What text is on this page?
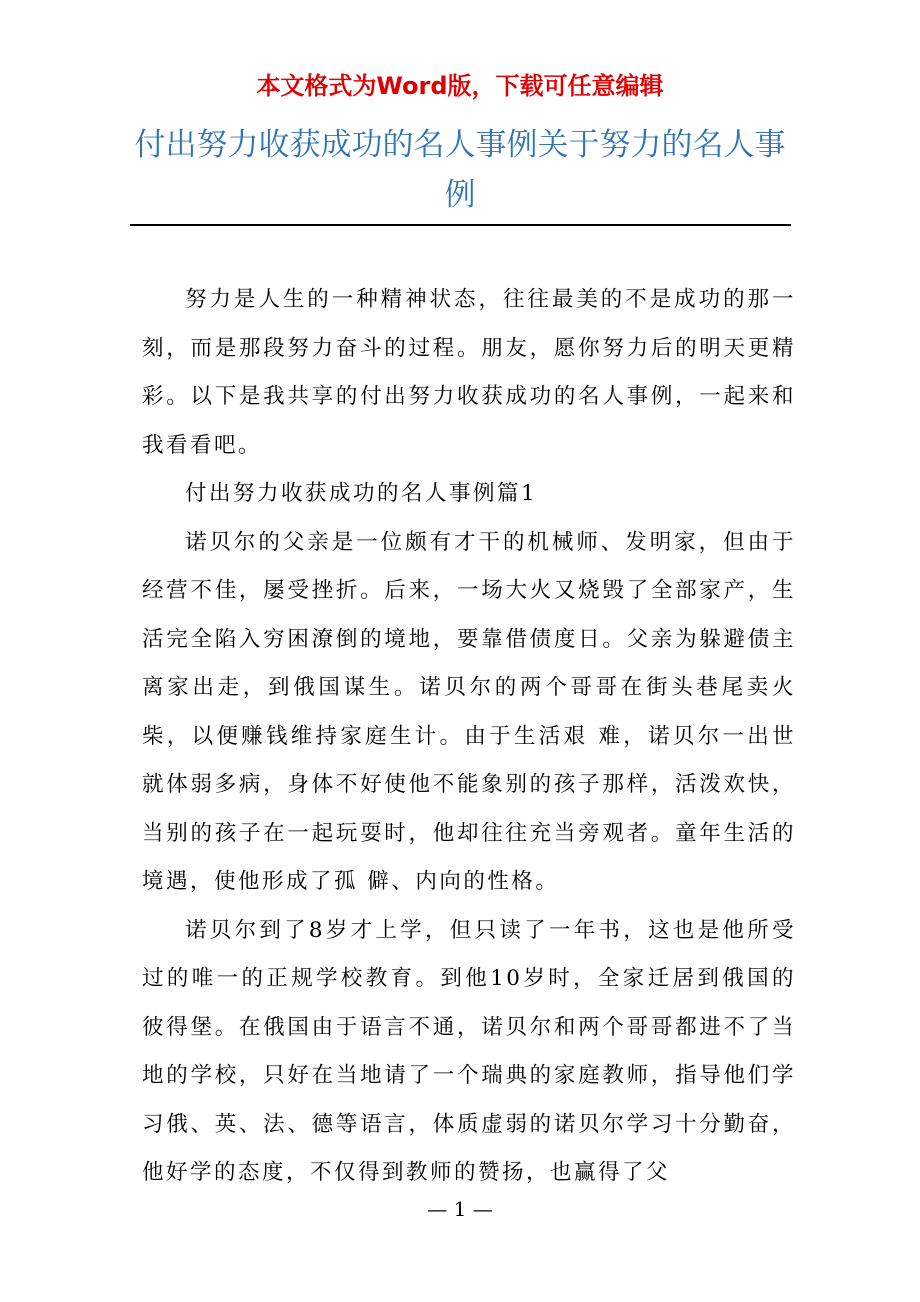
本文格式为Word版，下载可任意编辑
付出努力收获成功的名人事例关于努力的名人事例

努力是人生的一种精神状态，往往最美的不是成功的那一刻，而是那段努力奋斗的过程。朋友，愿你努力后的明天更精彩。以下是我共享的付出努力收获成功的名人事例，一起来和我看看吧。

付出努力收获成功的名人事例篇1

诺贝尔的父亲是一位颇有才干的机械师、发明家，但由于经营不佳，屡受挫折。后来，一场大火又烧毁了全部家产，生活完全陷入穷困潦倒的境地，要靠借债度日。父亲为躲避债主离家出走，到俄国谋生。诺贝尔的两个哥哥在街头巷尾卖火柴，以便赚钱维持家庭生计。由于生活艰 难，诺贝尔一出世就体弱多病，身体不好使他不能象别的孩子那样，活泼欢快，当别的孩子在一起玩耍时，他却往往充当旁观者。童年生活的境遇，使他形成了孤 僻、内向的性格。

诺贝尔到了8岁才上学，但只读了一年书，这也是他所受过的唯一的正规学校教育。到他10岁时，全家迁居到俄国的彼得堡。在俄国由于语言不通，诺贝尔和两个哥哥都进不了当地的学校，只好在当地请了一个瑞典的家庭教师，指导他们学习俄、英、法、德等语言，体质虚弱的诺贝尔学习十分勤奋，他好学的态度，不仅得到教师的赞扬，也赢得了父

— 1 —
